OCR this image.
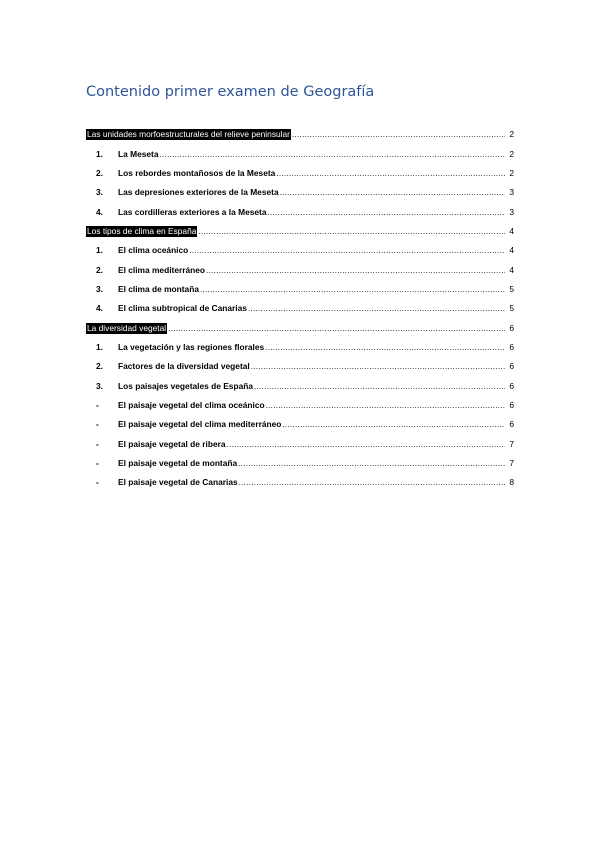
Contenido primer examen de Geografía
Las unidades morfoestructurales del relieve peninsular .....	2
1.	La Meseta .....	2
2.	Los rebordes montañosos de la Meseta .....	2
3.	Las depresiones exteriores de la Meseta .....	3
4.	Las cordilleras exteriores a la Meseta .....	3
Los tipos de clima en España .....	4
1.	El clima oceánico .....	4
2.	El clima mediterráneo .....	4
3.	El clima de montaña .....	5
4.	El clima subtropical de Canarias .....	5
La diversidad vegetal .....	6
1.	La vegetación y las regiones florales .....	6
2.	Factores de la diversidad vegetal .....	6
3.	Los paisajes vegetales de España .....	6
-	El paisaje vegetal del clima oceánico .....	6
-	El paisaje vegetal del clima mediterráneo .....	6
-	El paisaje vegetal de ribera .....	7
-	El paisaje vegetal de montaña .....	7
-	El paisaje vegetal de Canarias .....	8
